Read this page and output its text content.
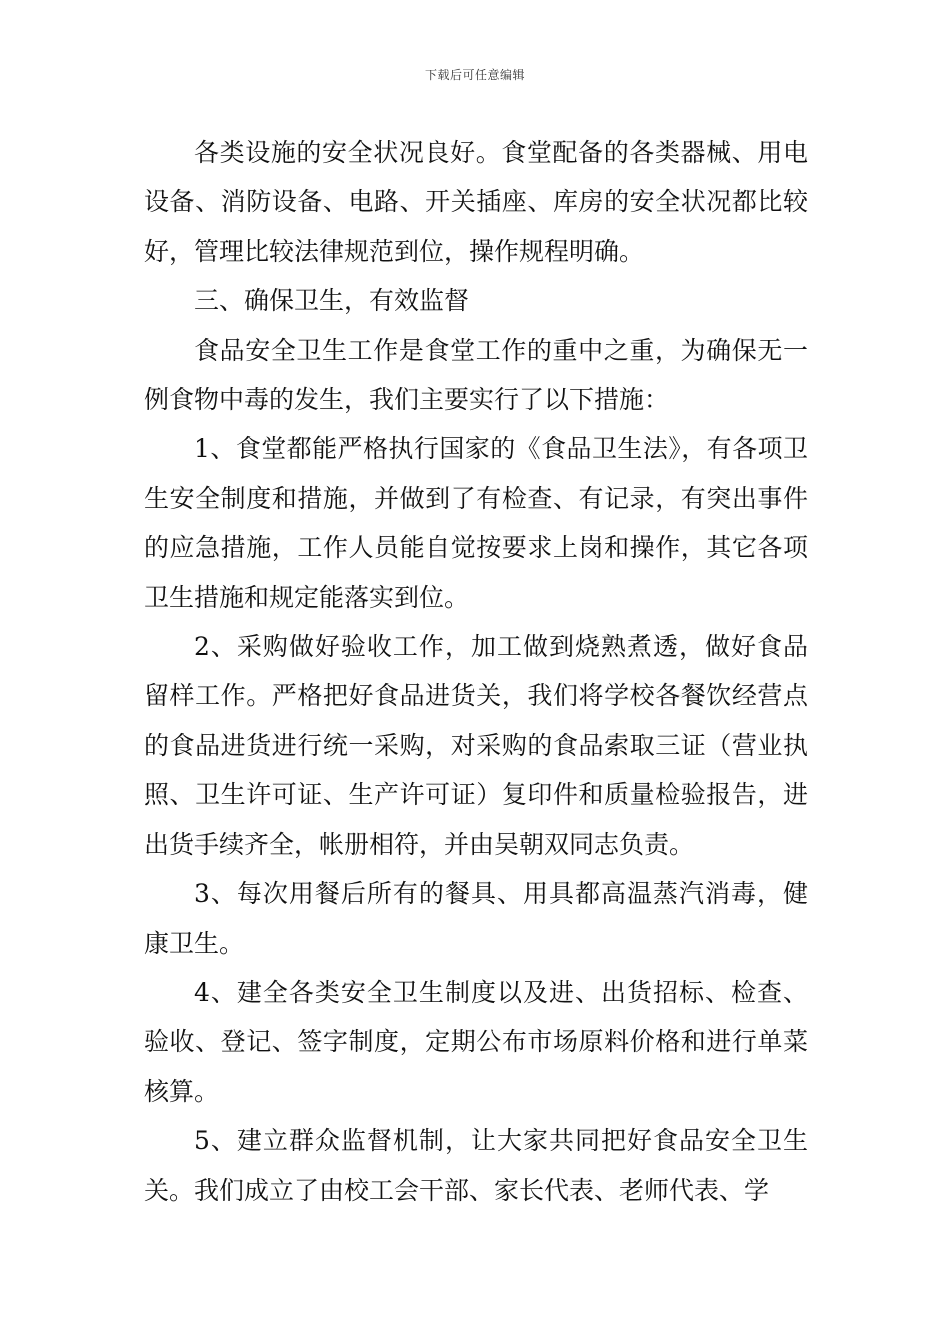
下载后可任意编辑

各类设施的安全状况良好。食堂配备的各类器械、用电设备、消防设备、电路、开关插座、库房的安全状况都比较好，管理比较法律规范到位，操作规程明确。

三、确保卫生，有效监督

食品安全卫生工作是食堂工作的重中之重，为确保无一例食物中毒的发生，我们主要实行了以下措施：

1、食堂都能严格执行国家的《食品卫生法》，有各项卫生安全制度和措施，并做到了有检查、有记录，有突出事件的应急措施，工作人员能自觉按要求上岗和操作，其它各项卫生措施和规定能落实到位。

2、采购做好验收工作，加工做到烧熟煮透，做好食品留样工作。严格把好食品进货关，我们将学校各餐饮经营点的食品进货进行统一采购，对采购的食品索取三证（营业执照、卫生许可证、生产许可证）复印件和质量检验报告，进出货手续齐全，帐册相符，并由吴朝双同志负责。

3、每次用餐后所有的餐具、用具都高温蒸汽消毒，健康卫生。

4、建全各类安全卫生制度以及进、出货招标、检查、验收、登记、签字制度，定期公布市场原料价格和进行单菜核算。

5、建立群众监督机制，让大家共同把好食品安全卫生关。我们成立了由校工会干部、家长代表、老师代表、学
